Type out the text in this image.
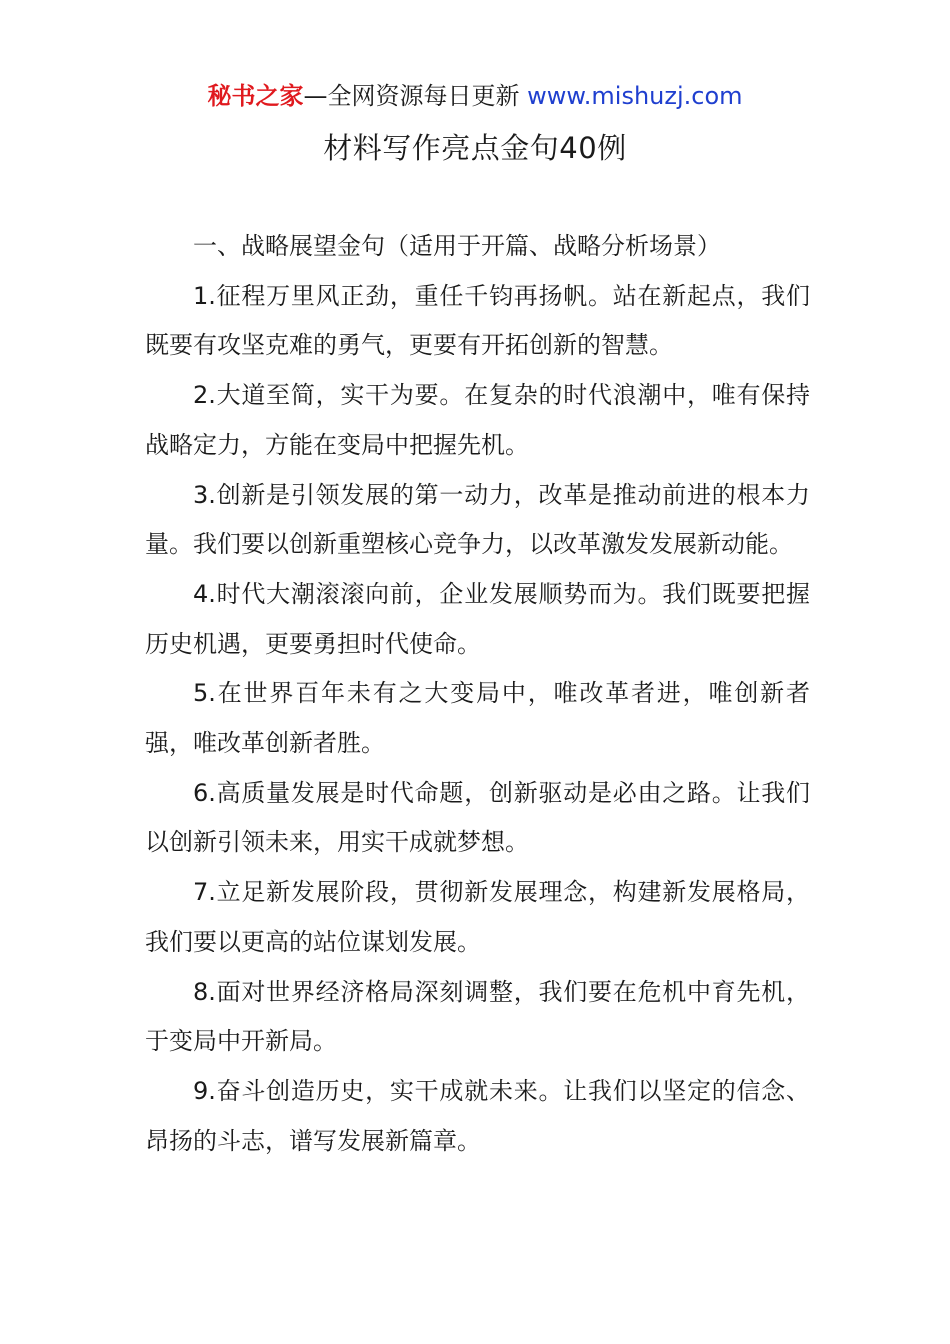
秘书之家—全网资源每日更新 www.mishuzj.com
材料写作亮点金句40例

一、战略展望金句（适用于开篇、战略分析场景）

1.征程万里风正劲，重任千钧再扬帆。站在新起点，我们既要有攻坚克难的勇气，更要有开拓创新的智慧。

2.大道至简，实干为要。在复杂的时代浪潮中，唯有保持战略定力，方能在变局中把握先机。

3.创新是引领发展的第一动力，改革是推动前进的根本力量。我们要以创新重塑核心竞争力，以改革激发发展新动能。

4.时代大潮滚滚向前，企业发展顺势而为。我们既要把握历史机遇，更要勇担时代使命。

5.在世界百年未有之大变局中，唯改革者进，唯创新者强，唯改革创新者胜。

6.高质量发展是时代命题，创新驱动是必由之路。让我们以创新引领未来，用实干成就梦想。

7.立足新发展阶段，贯彻新发展理念，构建新发展格局，我们要以更高的站位谋划发展。

8.面对世界经济格局深刻调整，我们要在危机中育先机，于变局中开新局。

9.奋斗创造历史，实干成就未来。让我们以坚定的信念、昂扬的斗志，谱写发展新篇章。
